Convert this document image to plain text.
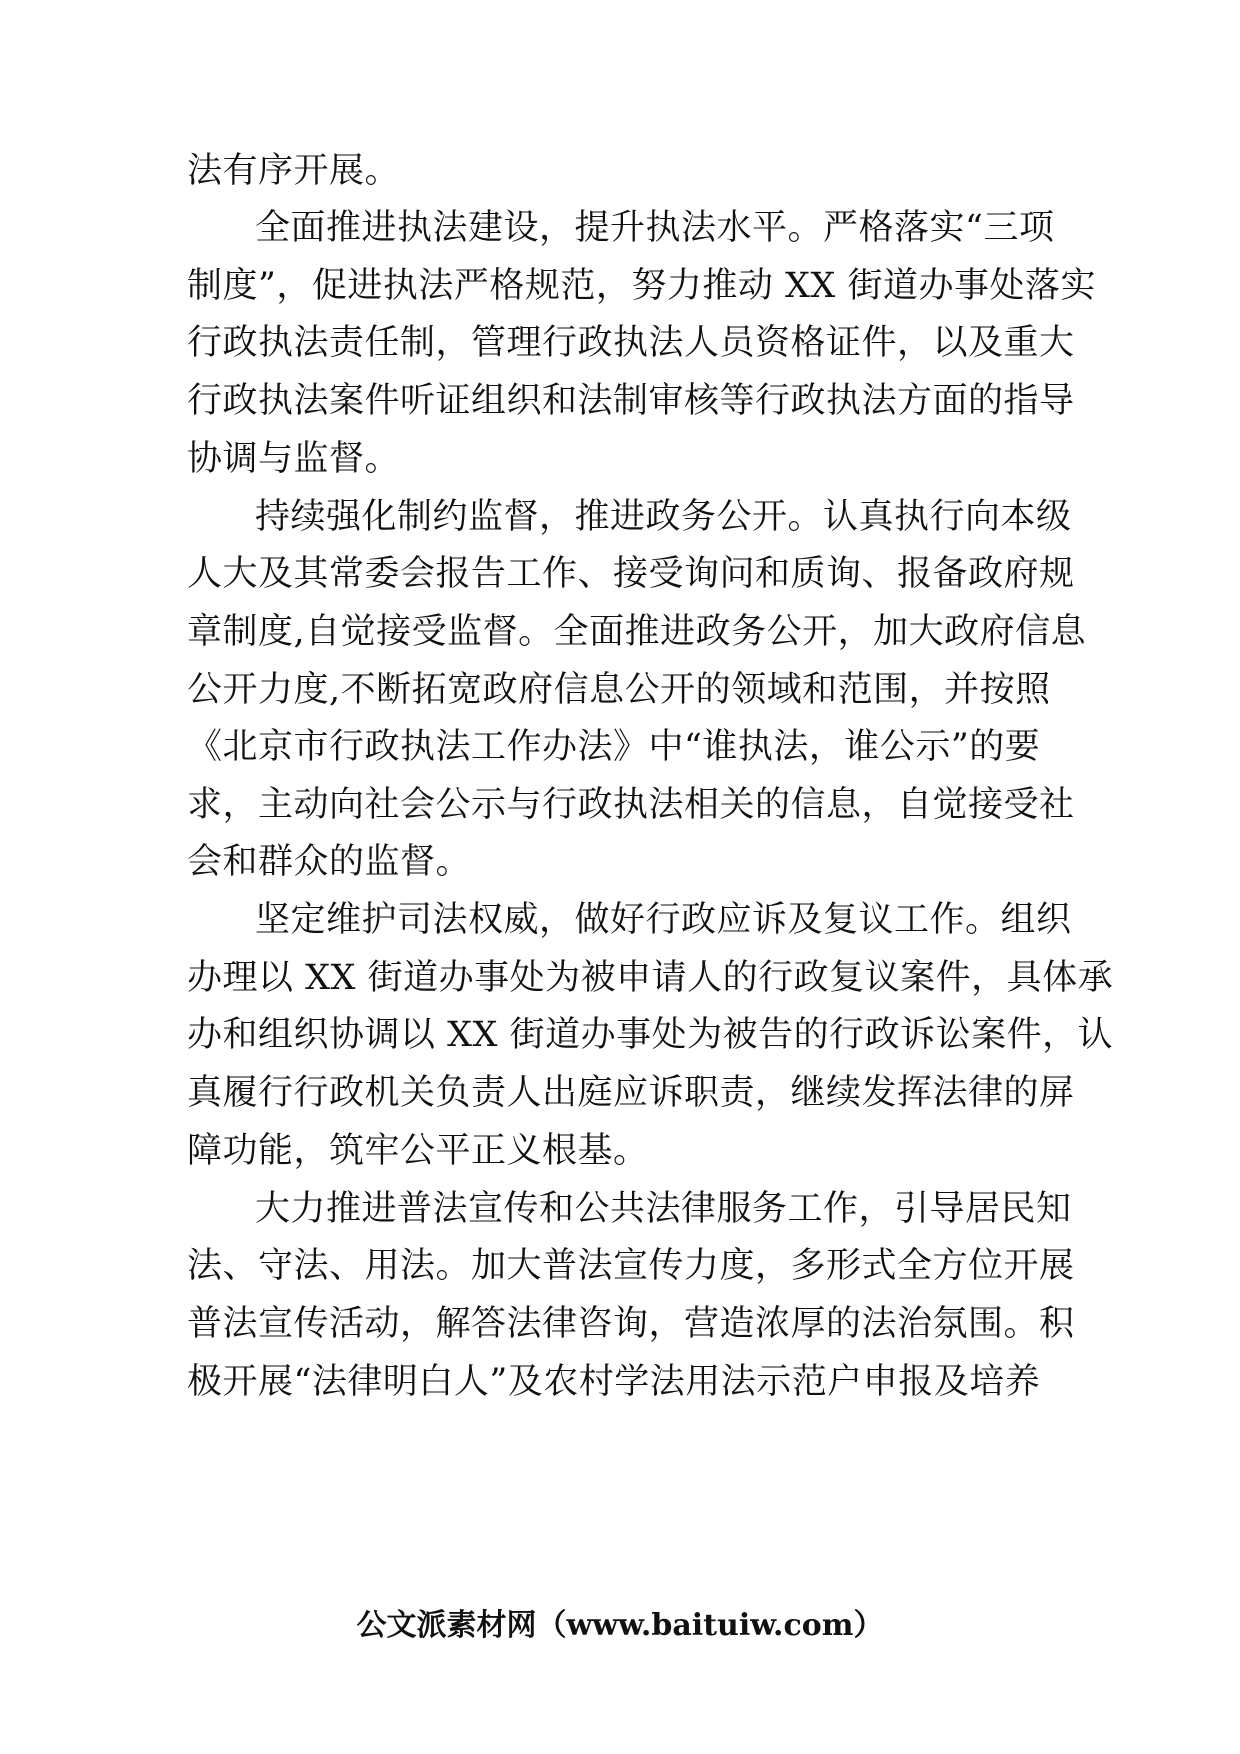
法有序开展。
全面推进执法建设，提升执法水平。严格落实“三项
制度”，促进执法严格规范，努力推动 XX 街道办事处落实
行政执法责任制，管理行政执法人员资格证件，以及重大
行政执法案件听证组织和法制审核等行政执法方面的指导
协调与监督。
持续强化制约监督，推进政务公开。认真执行向本级
人大及其常委会报告工作、接受询问和质询、报备政府规
章制度,自觉接受监督。全面推进政务公开，加大政府信息
公开力度,不断拓宽政府信息公开的领域和范围，并按照
《北京市行政执法工作办法》中“谁执法，谁公示”的要
求，主动向社会公示与行政执法相关的信息，自觉接受社
会和群众的监督。
坚定维护司法权威，做好行政应诉及复议工作。组织
办理以 XX 街道办事处为被申请人的行政复议案件，具体承
办和组织协调以 XX 街道办事处为被告的行政诉讼案件，认
真履行行政机关负责人出庭应诉职责，继续发挥法律的屏
障功能，筑牢公平正义根基。
大力推进普法宣传和公共法律服务工作，引导居民知
法、守法、用法。加大普法宣传力度，多形式全方位开展
普法宣传活动，解答法律咨询，营造浓厚的法治氛围。积
极开展“法律明白人”及农村学法用法示范户申报及培养
公文派素材网（www.baituiw.com）
